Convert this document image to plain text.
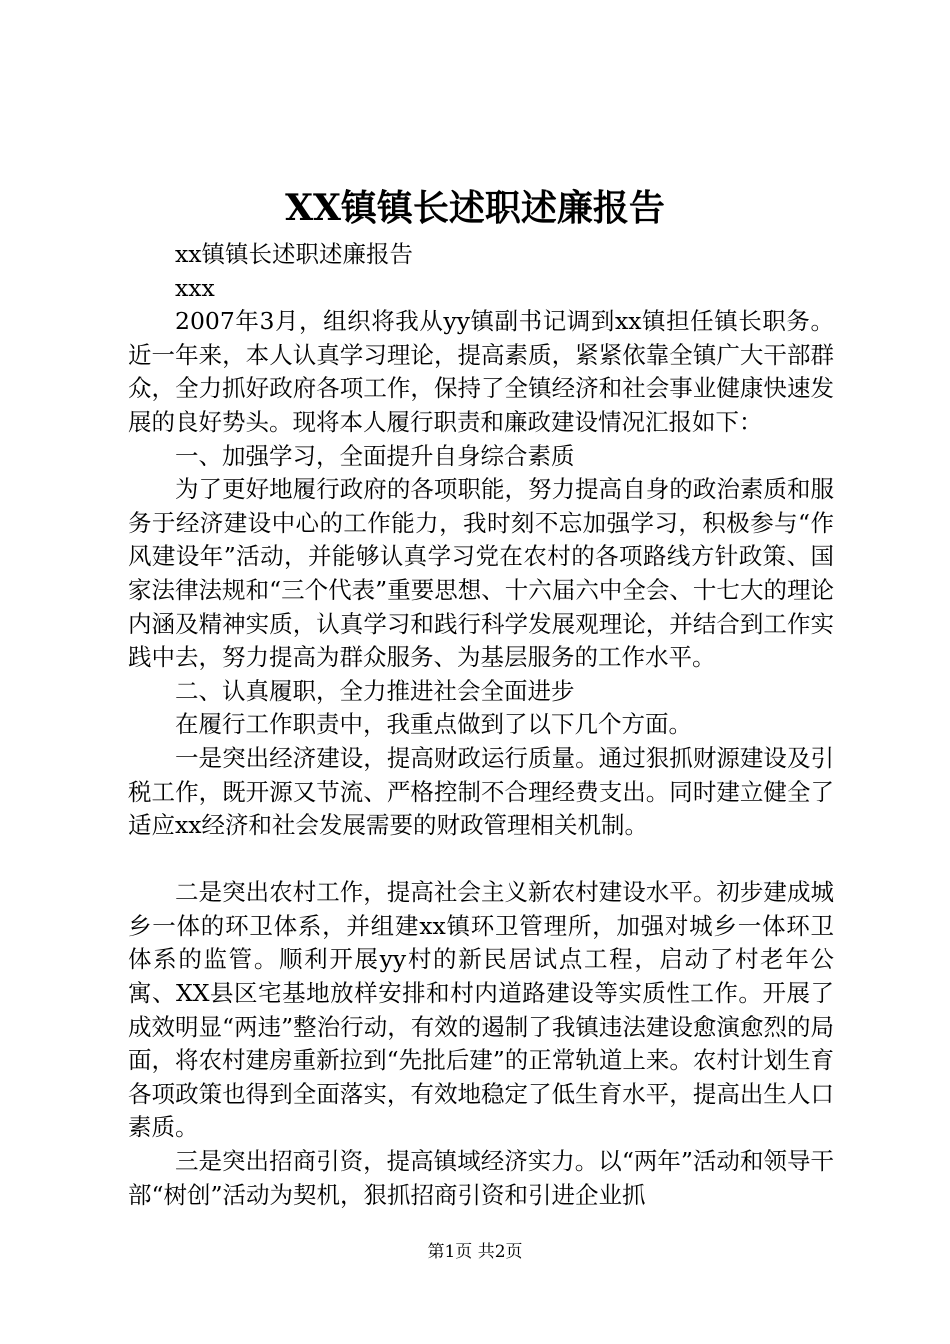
XX镇镇长述职述廉报告

xx镇镇长述职述廉报告

xxx

2007年3月，组织将我从yy镇副书记调到xx镇担任镇长职务。近一年来，本人认真学习理论，提高素质，紧紧依靠全镇广大干部群众，全力抓好政府各项工作，保持了全镇经济和社会事业健康快速发展的良好势头。现将本人履行职责和廉政建设情况汇报如下：

一、加强学习，全面提升自身综合素质

为了更好地履行政府的各项职能，努力提高自身的政治素质和服务于经济建设中心的工作能力，我时刻不忘加强学习，积极参与“作风建设年”活动，并能够认真学习党在农村的各项路线方针政策、国家法律法规和“三个代表”重要思想、十六届六中全会、十七大的理论内涵及精神实质，认真学习和践行科学发展观理论，并结合到工作实践中去，努力提高为群众服务、为基层服务的工作水平。

二、认真履职，全力推进社会全面进步

在履行工作职责中，我重点做到了以下几个方面。

一是突出经济建设，提高财政运行质量。通过狠抓财源建设及引税工作，既开源又节流、严格控制不合理经费支出。同时建立健全了适应xx经济和社会发展需要的财政管理相关机制。

二是突出农村工作，提高社会主义新农村建设水平。初步建成城乡一体的环卫体系，并组建xx镇环卫管理所，加强对城乡一体环卫体系的监管。顺利开展yy村的新民居试点工程，启动了村老年公寓、XX县区宅基地放样安排和村内道路建设等实质性工作。开展了成效明显“两违”整治行动，有效的遏制了我镇违法建设愈演愈烈的局面，将农村建房重新拉到“先批后建”的正常轨道上来。农村计划生育各项政策也得到全面落实，有效地稳定了低生育水平，提高出生人口素质。

三是突出招商引资，提高镇域经济实力。以“两年”活动和领导干部“树创”活动为契机，狠抓招商引资和引进企业抓

第1页 共2页
